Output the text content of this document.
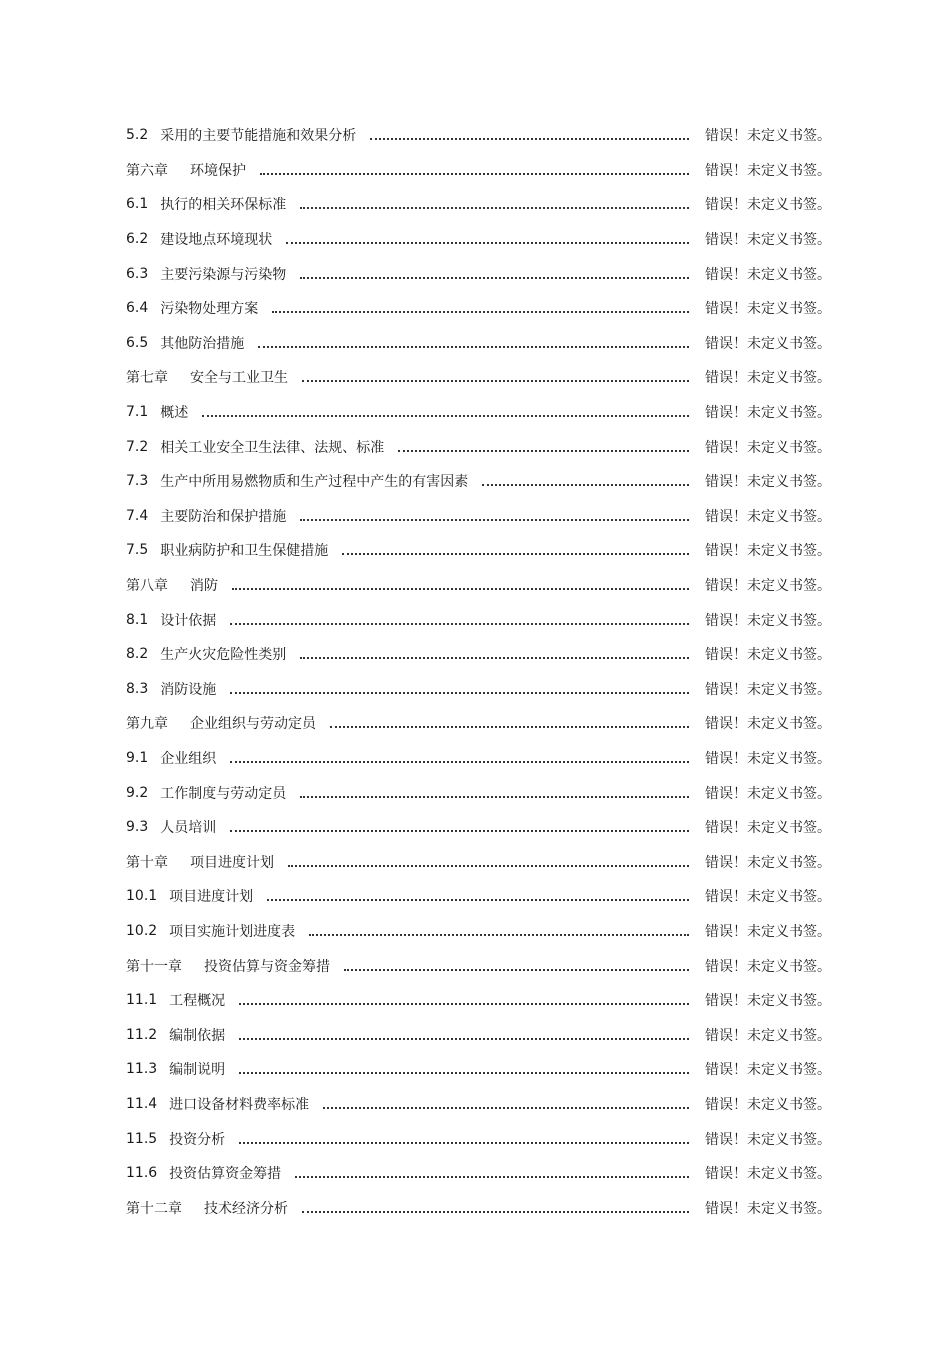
5.2 采用的主要节能措施和效果分析	错误！未定义书签。
第六章 环境保护	错误！未定义书签。
6.1 执行的相关环保标准	错误！未定义书签。
6.2 建设地点环境现状	错误！未定义书签。
6.3 主要污染源与污染物	错误！未定义书签。
6.4 污染物处理方案	错误！未定义书签。
6.5 其他防治措施	错误！未定义书签。
第七章 安全与工业卫生	错误！未定义书签。
7.1 概述	错误！未定义书签。
7.2 相关工业安全卫生法律、法规、标准	错误！未定义书签。
7.3 生产中所用易燃物质和生产过程中产生的有害因素	错误！未定义书签。
7.4 主要防治和保护措施	错误！未定义书签。
7.5 职业病防护和卫生保健措施	错误！未定义书签。
第八章 消防	错误！未定义书签。
8.1 设计依据	错误！未定义书签。
8.2 生产火灾危险性类别	错误！未定义书签。
8.3 消防设施	错误！未定义书签。
第九章 企业组织与劳动定员	错误！未定义书签。
9.1 企业组织	错误！未定义书签。
9.2 工作制度与劳动定员	错误！未定义书签。
9.3 人员培训	错误！未定义书签。
第十章 项目进度计划	错误！未定义书签。
10.1 项目进度计划	错误！未定义书签。
10.2 项目实施计划进度表	错误！未定义书签。
第十一章 投资估算与资金筹措	错误！未定义书签。
11.1 工程概况	错误！未定义书签。
11.2 编制依据	错误！未定义书签。
11.3 编制说明	错误！未定义书签。
11.4 进口设备材料费率标准	错误！未定义书签。
11.5 投资分析	错误！未定义书签。
11.6 投资估算资金筹措	错误！未定义书签。
第十二章 技术经济分析	错误！未定义书签。
